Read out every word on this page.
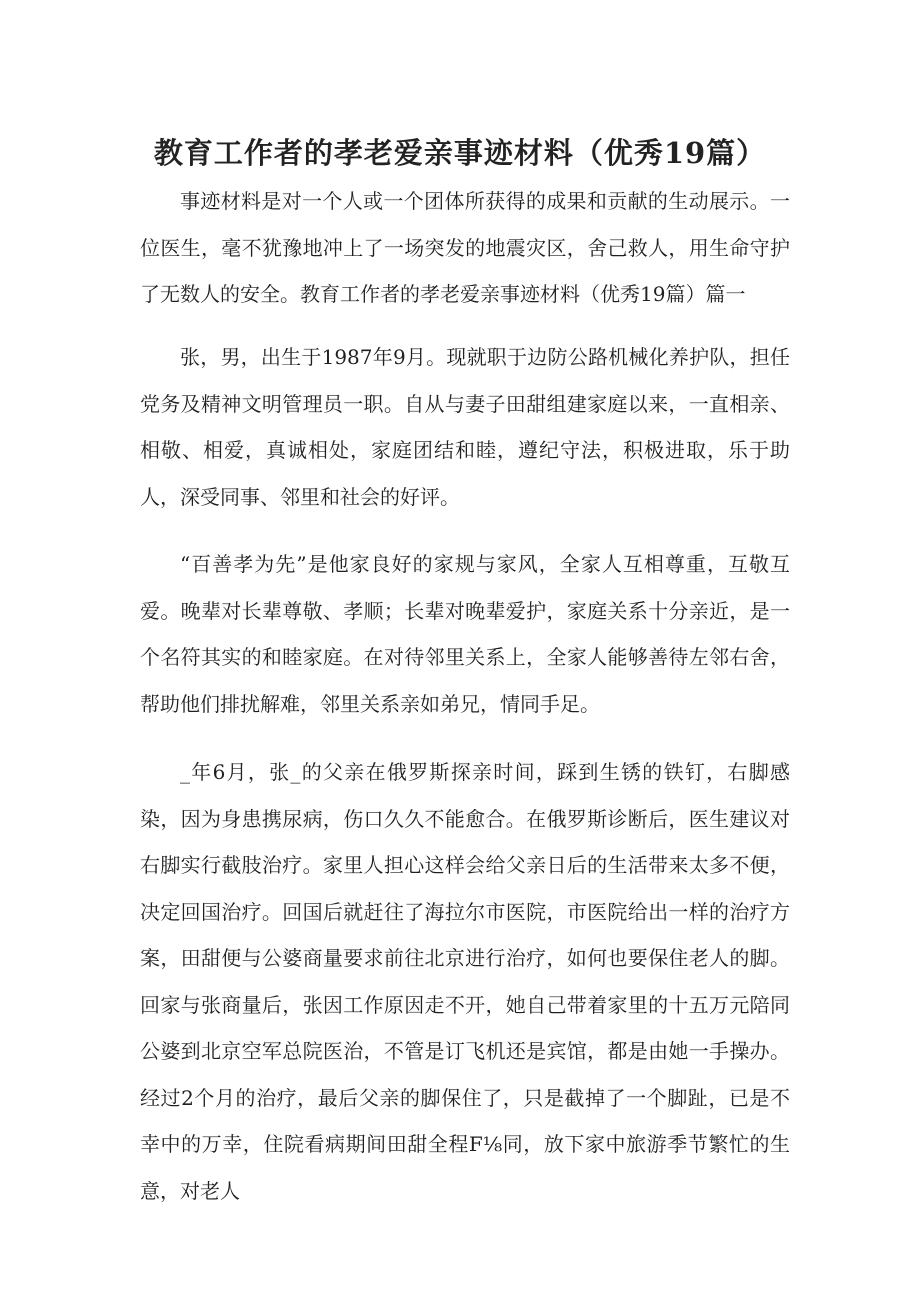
教育工作者的孝老爱亲事迹材料（优秀19篇）

事迹材料是对一个人或一个团体所获得的成果和贡献的生动展示。一位医生，毫不犹豫地冲上了一场突发的地震灾区，舍己救人，用生命守护了无数人的安全。教育工作者的孝老爱亲事迹材料（优秀19篇）篇一

张，男，出生于1987年9月。现就职于边防公路机械化养护队，担任党务及精神文明管理员一职。自从与妻子田甜组建家庭以来，一直相亲、相敬、相爱，真诚相处，家庭团结和睦，遵纪守法，积极进取，乐于助人，深受同事、邻里和社会的好评。

“百善孝为先”是他家良好的家规与家风，全家人互相尊重，互敬互爱。晚辈对长辈尊敬、孝顺；长辈对晚辈爱护，家庭关系十分亲近，是一个名符其实的和睦家庭。在对待邻里关系上，全家人能够善待左邻右舍，帮助他们排扰解难，邻里关系亲如弟兄，情同手足。

_年6月，张_的父亲在俄罗斯探亲时间，踩到生锈的铁钉，右脚感染，因为身患携尿病，伤口久久不能愈合。在俄罗斯诊断后，医生建议对右脚实行截肢治疗。家里人担心这样会给父亲日后的生活带来太多不便，决定回国治疗。回国后就赶往了海拉尔市医院，市医院给出一样的治疗方案，田甜便与公婆商量要求前往北京进行治疗，如何也要保住老人的脚。回家与张商量后，张因工作原因走不开，她自己带着家里的十五万元陪同公婆到北京空军总院医治，不管是订飞机还是宾馆，都是由她一手操办。经过2个月的治疗，最后父亲的脚保住了，只是截掉了一个脚趾，已是不幸中的万幸，住院看病期间田甜全程F⅛同，放下家中旅游季节繁忙的生意，对老人
